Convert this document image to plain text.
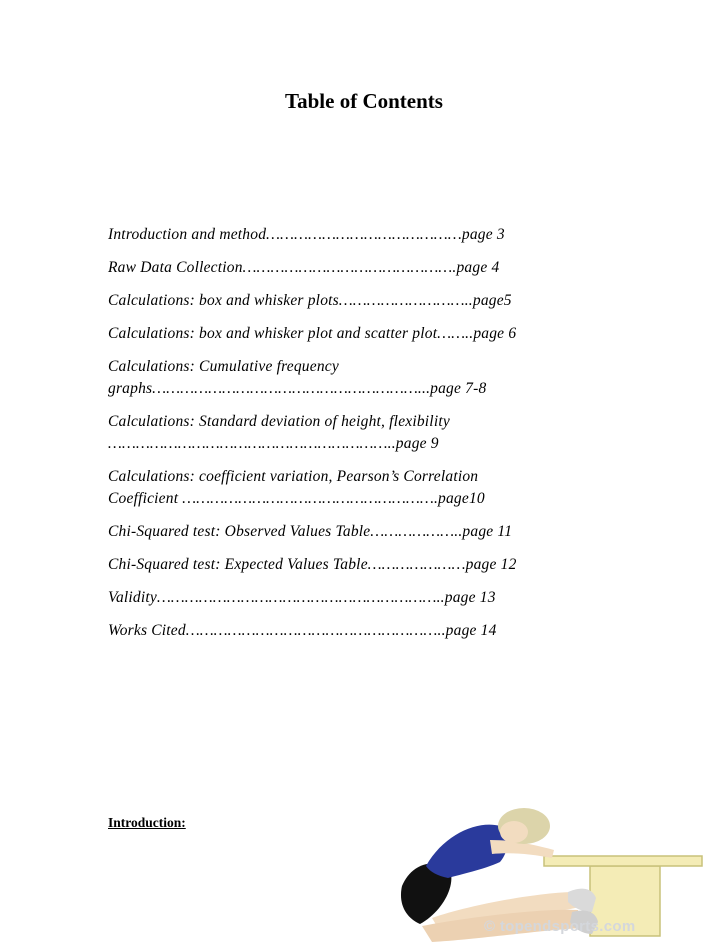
Table of Contents
Introduction and method……………………………………page 3
Raw Data Collection……………………………………….page 4
Calculations: box and whisker plots………………………..page5
Calculations: box and whisker plot and scatter plot……..page 6
Calculations: Cumulative frequency
graphs…………………………………………………...page 7-8
Calculations: Standard deviation of height, flexibility
……………………………………………………..page 9
Calculations: coefficient variation, Pearson’s Correlation
Coefficient ……………………………………………….page10
Chi-Squared test: Observed Values Table………………..page 11
Chi-Squared test: Expected Values Table…………………page 12
Validity……………………………………………………..page 13
Works Cited………………………………………………..page 14
Introduction:
© topendsports.com
